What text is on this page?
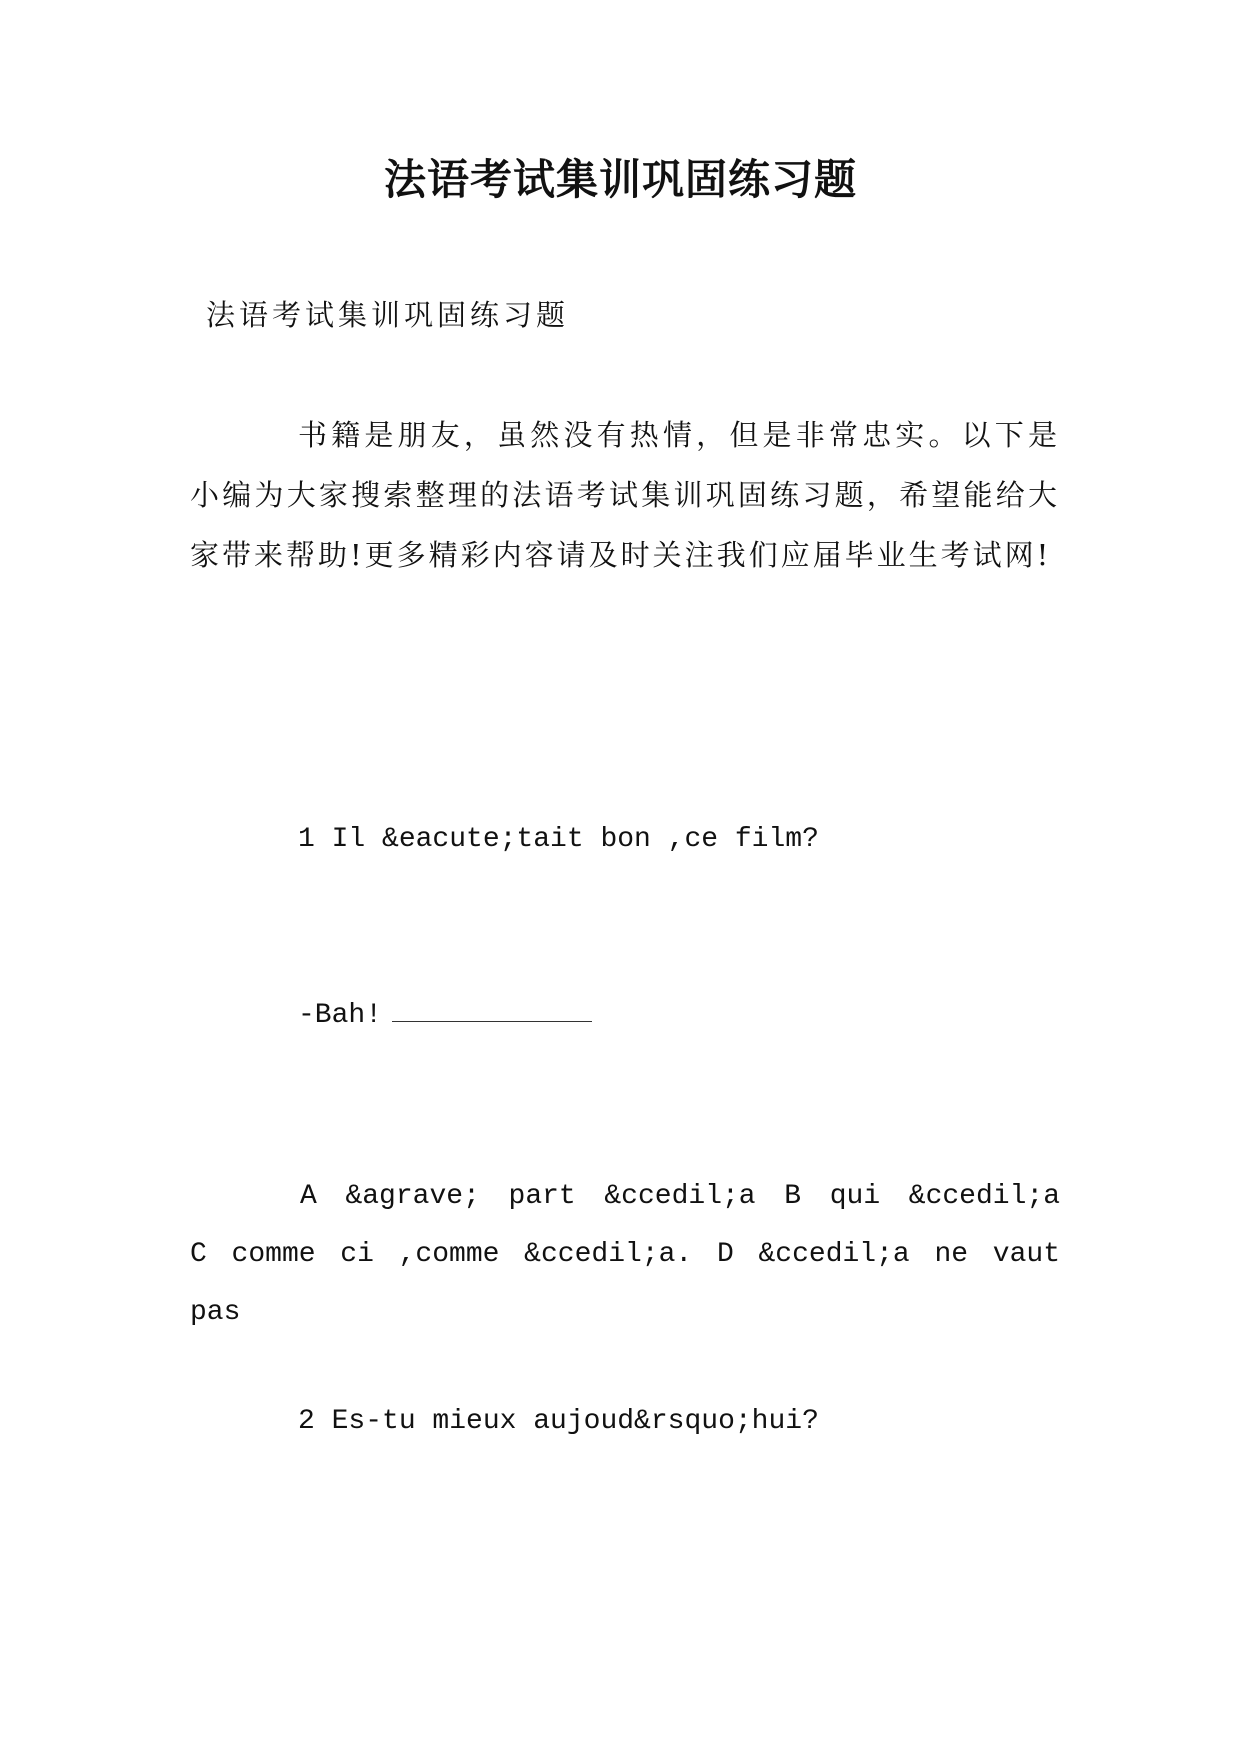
法语考试集训巩固练习题
法语考试集训巩固练习题
书籍是朋友，虽然没有热情，但是非常忠实。以下是小编为大家搜索整理的法语考试集训巩固练习题，希望能给大家带来帮助!更多精彩内容请及时关注我们应届毕业生考试网!
1 Il &eacute;tait bon ,ce film?
-Bah!
A &agrave; part &ccedil;a B qui &ccedil;a C comme ci ,comme &ccedil;a. D &ccedil;a ne vaut pas
2 Es-tu mieux aujoud&rsquo;hui?
